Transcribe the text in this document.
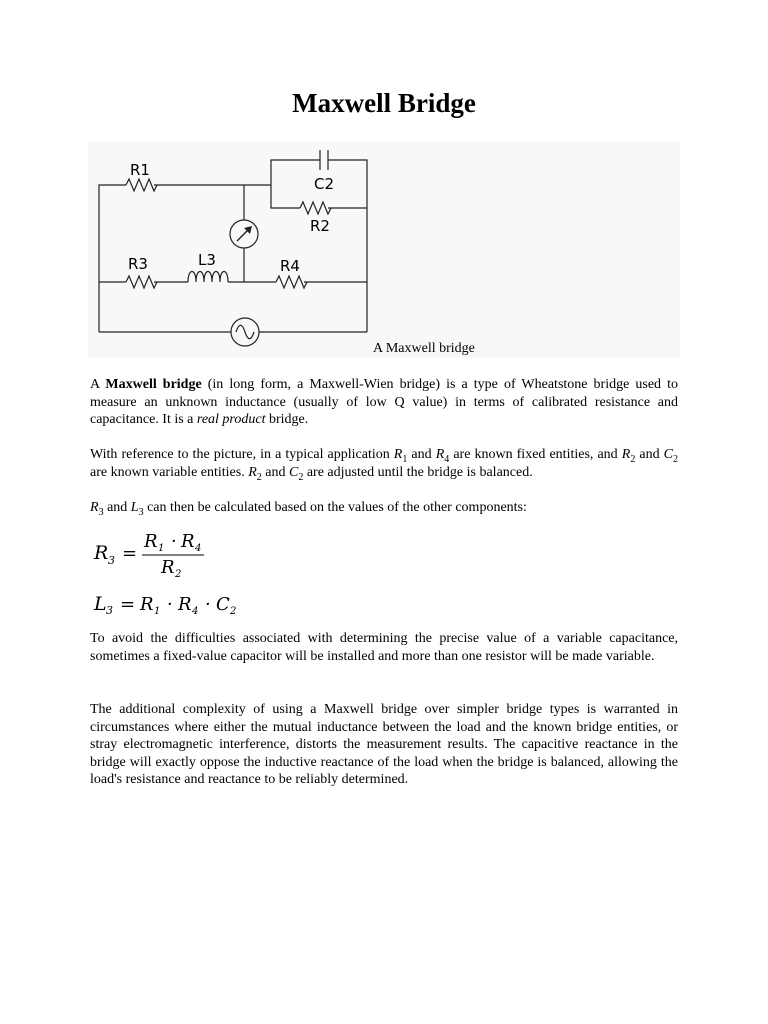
Maxwell Bridge
R1
C2
R2
R3	L3	R4
A Maxwell bridge

A Maxwell bridge (in long form, a Maxwell-Wien bridge) is a type of Wheatstone bridge used to measure an unknown inductance (usually of low Q value) in terms of calibrated resistance and capacitance. It is a real product bridge.

With reference to the picture, in a typical application $R_1$ and $R_4$ are known fixed entities, and $R_2$ and $C_2$ are known variable entities. $R_2$ and $C_2$ are adjusted until the bridge is balanced.

$R_3$ and $L_3$ can then be calculated based on the values of the other components:

R 3 =
R 1 · R 4
R 2
L 3 = R 1 · R 4 · C 2

To avoid the difficulties associated with determining the precise value of a variable capacitance, sometimes a fixed-value capacitor will be installed and more than one resistor will be made variable.

The additional complexity of using a Maxwell bridge over simpler bridge types is warranted in circumstances where either the mutual inductance between the load and the known bridge entities, or stray electromagnetic interference, distorts the measurement results. The capacitive reactance in the bridge will exactly oppose the inductive reactance of the load when the bridge is balanced, allowing the load's resistance and reactance to be reliably determined.
